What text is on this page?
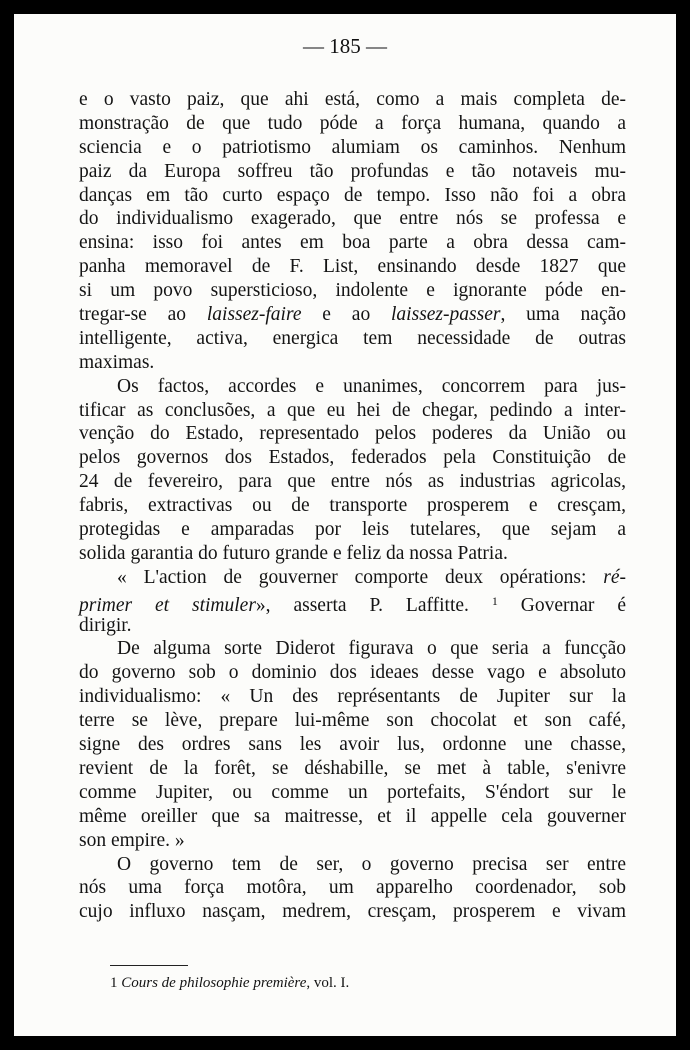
— 185 —
e o vasto paiz, que ahi está, como a mais completa de-
monstração de que tudo póde a força humana, quando a
sciencia e o patriotismo alumiam os caminhos. Nenhum
paiz da Europa soffreu tão profundas e tão notaveis mu-
danças em tão curto espaço de tempo. Isso não foi a obra
do individualismo exagerado, que entre nós se professa e
ensina: isso foi antes em boa parte a obra dessa cam-
panha memoravel de F. List, ensinando desde 1827 que
si um povo supersticioso, indolente e ignorante póde en-
tregar-se ao laissez-faire e ao laissez-passer, uma nação
intelligente, activa, energica tem necessidade de outras
maximas.
Os factos, accordes e unanimes, concorrem para jus-
tificar as conclusões, a que eu hei de chegar, pedindo a inter-
venção do Estado, representado pelos poderes da União ou
pelos governos dos Estados, federados pela Constituição de
24 de fevereiro, para que entre nós as industrias agricolas,
fabris, extractivas ou de transporte prosperem e cresçam,
protegidas e amparadas por leis tutelares, que sejam a
solida garantia do futuro grande e feliz da nossa Patria.
« L'action de gouverner comporte deux opérations: ré-
primer et stimuler», asserta P. Laffitte. $^1$ Governar é
dirigir.
De alguma sorte Diderot figurava o que seria a funcção
do governo sob o dominio dos ideaes desse vago e absoluto
individualismo: « Un des représentants de Jupiter sur la
terre se lève, prepare lui-même son chocolat et son café,
signe des ordres sans les avoir lus, ordonne une chasse,
revient de la forêt, se déshabille, se met à table, s'enivre
comme Jupiter, ou comme un portefaits, S'éndort sur le
même oreiller que sa maitresse, et il appelle cela gouverner
son empire. »
O governo tem de ser, o governo precisa ser entre
nós uma força motôra, um apparelho coordenador, sob
cujo influxo nasçam, medrem, cresçam, prosperem e vivam
1 Cours de philosophie première, vol. I.
